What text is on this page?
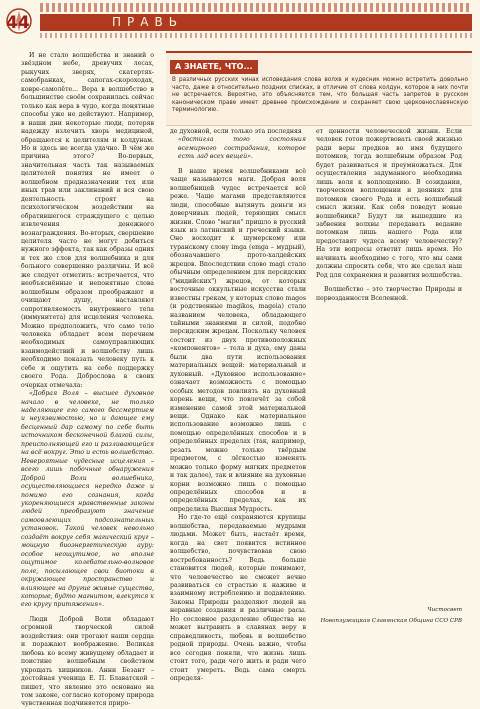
44	ПРАВЬ

И не стало волшебства и знаний о звёздном небе, древучих лесах, рыкучих зверях, скатертях-самобранках, сапогах-скороходах, ковре-самолёте... Вера в волшебство в большинстве своём сохранилась сейчас только как вера в чудо, когда понятные способы уже не действуют. Например, в наши дни некоторые люди, потеряв надежду излечить хворь медициной, обращаются к целителям и колдунам. Но и здесь не всегда удачно. В чём же причина этого? Во-первых, значительная часть так называемых целителей понятия не имеет о волшебном предназначении тех или иных трав или заклинаний и вся свою деятельность строят на психологическом воздействии на обратившегося страждущего с целью извлечения денежного вознаграждения. Во-вторых, свершение целителя часто не могут добиться нужного эффекта, так как образы одних и тех же слов для волшебника и для больного совершенно различны. И всё же следует отметить: встречается, что необъяснённые и непонятные слова волшебным образом преображают и очищают душу, наставляют сопротивляемость внутреннего тела (иммунитета) для исцеления человека. Можно предположить, что само тело человека обладает всем перечнем необходимых самоуправляющих взаимодействий и волшебству лишь необходимо показать человеку путь к себе и ощутить на себе поддержку своего Рода. Добрословa в своих очерках отмечала:

«Добрая Воля – высшее духовное начало в человеке, не только наделяющее его самого бессмертием и неуязвимостью, но и дающее ему бесценный дар самому по себе быть источником бесконечной благой силы, преисполняющей его и разливающейся на всё вокруг. Это и есть волшебство. Невероятные чудесные исцеления – всего лишь побочные обнаружения Доброй Воли волшебника, осуществляющиеся нередко даже и помимо его сознания, когда укореняющиеся нравственные законы людей преобразуют значение самоовлеющих подсознательных установок. Такой человек невольно создаёт вокруг себя магический круг – мощную биоэнергетическую ауру: особое неощутимое, но вполне ощутимое колебательно-волновое поле, посылающее свои биотоки в окружающее пространство и влияющее на другие живые существа, которые, будто магнитом, влекутся к его кругу притяжения».

Люди Доброй Воли обладают огромной творческой силой воздействия: они трогают наши сердца и поражают воображение. Великая любовь ко всему живущему обладает и поистине волшебным свойством укрощать хищников. Анни Безант – достойная ученица Е. П. Блаватской – пишет, что явление это основано на том законе, согласно которому природа чувственная подчиняется приро-

А ЗНАЕТЕ, ЧТО...
В различных русских чинах исповедания слова волхв и кудесник можно встретить довольно часто, даже в относительно поздних списках, в отличие от слова колдун, которое в них почти не встречается. Вероятно, это объясняется тем, что большая часть запретов в русском каноническом праве имеет древнее происхождение и сохраняет свою церковнославянскую терминологию.

де духовной, если только эта последняя

«достигла того состояния всемирного сострадания, которое есть лад всех вещей».

В наше время волшебниками всё чаще называются маги. Добрая воля волшебницей чудес встречается всё реже. Чаще магами представляются люди, способные вытянуть деньги из доверчивых людей, теряющих смысл жизни. Слово "магия" пришло в русский язык из латинский и греческий языки. Оно восходит к шумерскому или туранскому слову imga (emga – мудрый), обозначавшего прото-халдейских жрецов. Впоследствии слово magi стало обычным определением для персидских ("мидийских") жрецов, от которых восточные оккультные искусства стали известны грекам, у которых слово magos (и родственные magikos, mageia) стало названием человека, обладающего тайными знаниями и силой, подобно персидским жрецам. Поскольку человек состоит из двух противоположных «компонентов» – тела и духа, ему даны были два пути использования материальных вещей: материальный и духовный. «Духовное использование» означает возможность с помощью особых методов повлиять на духовный корень вещи, что повлечёт за собой изменение самой этой материальной вещи. Однако как материальное использование возможно лишь с помощью определённых способов и в определённых пределах (так, например, резать можно только твёрдым предметом, с лёгкостью изменять можно только форму мягких предметов и так далее), так и влияние на духовные корни возможно лишь с помощью определённых способов и в определённых пределах, как их определила Высшая Мудрость.

Но где-то ещё сохраняются крупицы волшебства, передаваемые мудрыми людьми. Может быть, настаёт время, когда на свет появится истинное волшебство, почувствовав свою востребованность? Ведь больше становится людей, которые понимают, что человечество не сможет вечно развиваться со страстью к наживе и взаимному истреблению и подавлению. Законы Природы разделяют людей на неравные создания и различные расы. Но сословное разделение общества не может вытравить в славянах веру в справедливость, любовь и волшебство родной природы. Очень важно, чтобы все сегодня поняли, что жизнь лишь стоит того, ради чего жить и ради чего стоит умереть. Ведь сама смерть определя-

ет ценности человеческой жизни. Если человек готов пожертвовать своей жизнью ради веры предков во имя будущего потомков, тогда волшебным образом Род будет развиваться и преумножаться. Для осуществления задуманного необходима лишь воля к воплощению. В созидании, творческом воплощении и деяниях для потомков своего Рода и есть волшебный смысл жизни. Как себя поведут новые волшебники? Будут ли вышедшие из забвения волхвы передавать ведание потомкам лишь нашего Рода или предоставят чудеса всему человечеству? На эти вопросы ответит лишь время. Но начинать необходимо с того, что мы сами должны спросить себя, что же сделал наш Род для сохранения и развития волшебства.

Волшебство – это творчество Природы и первозданности Вселенной.

Чистосвет
Новоплужицкая Славянская Община ССО СРВ
